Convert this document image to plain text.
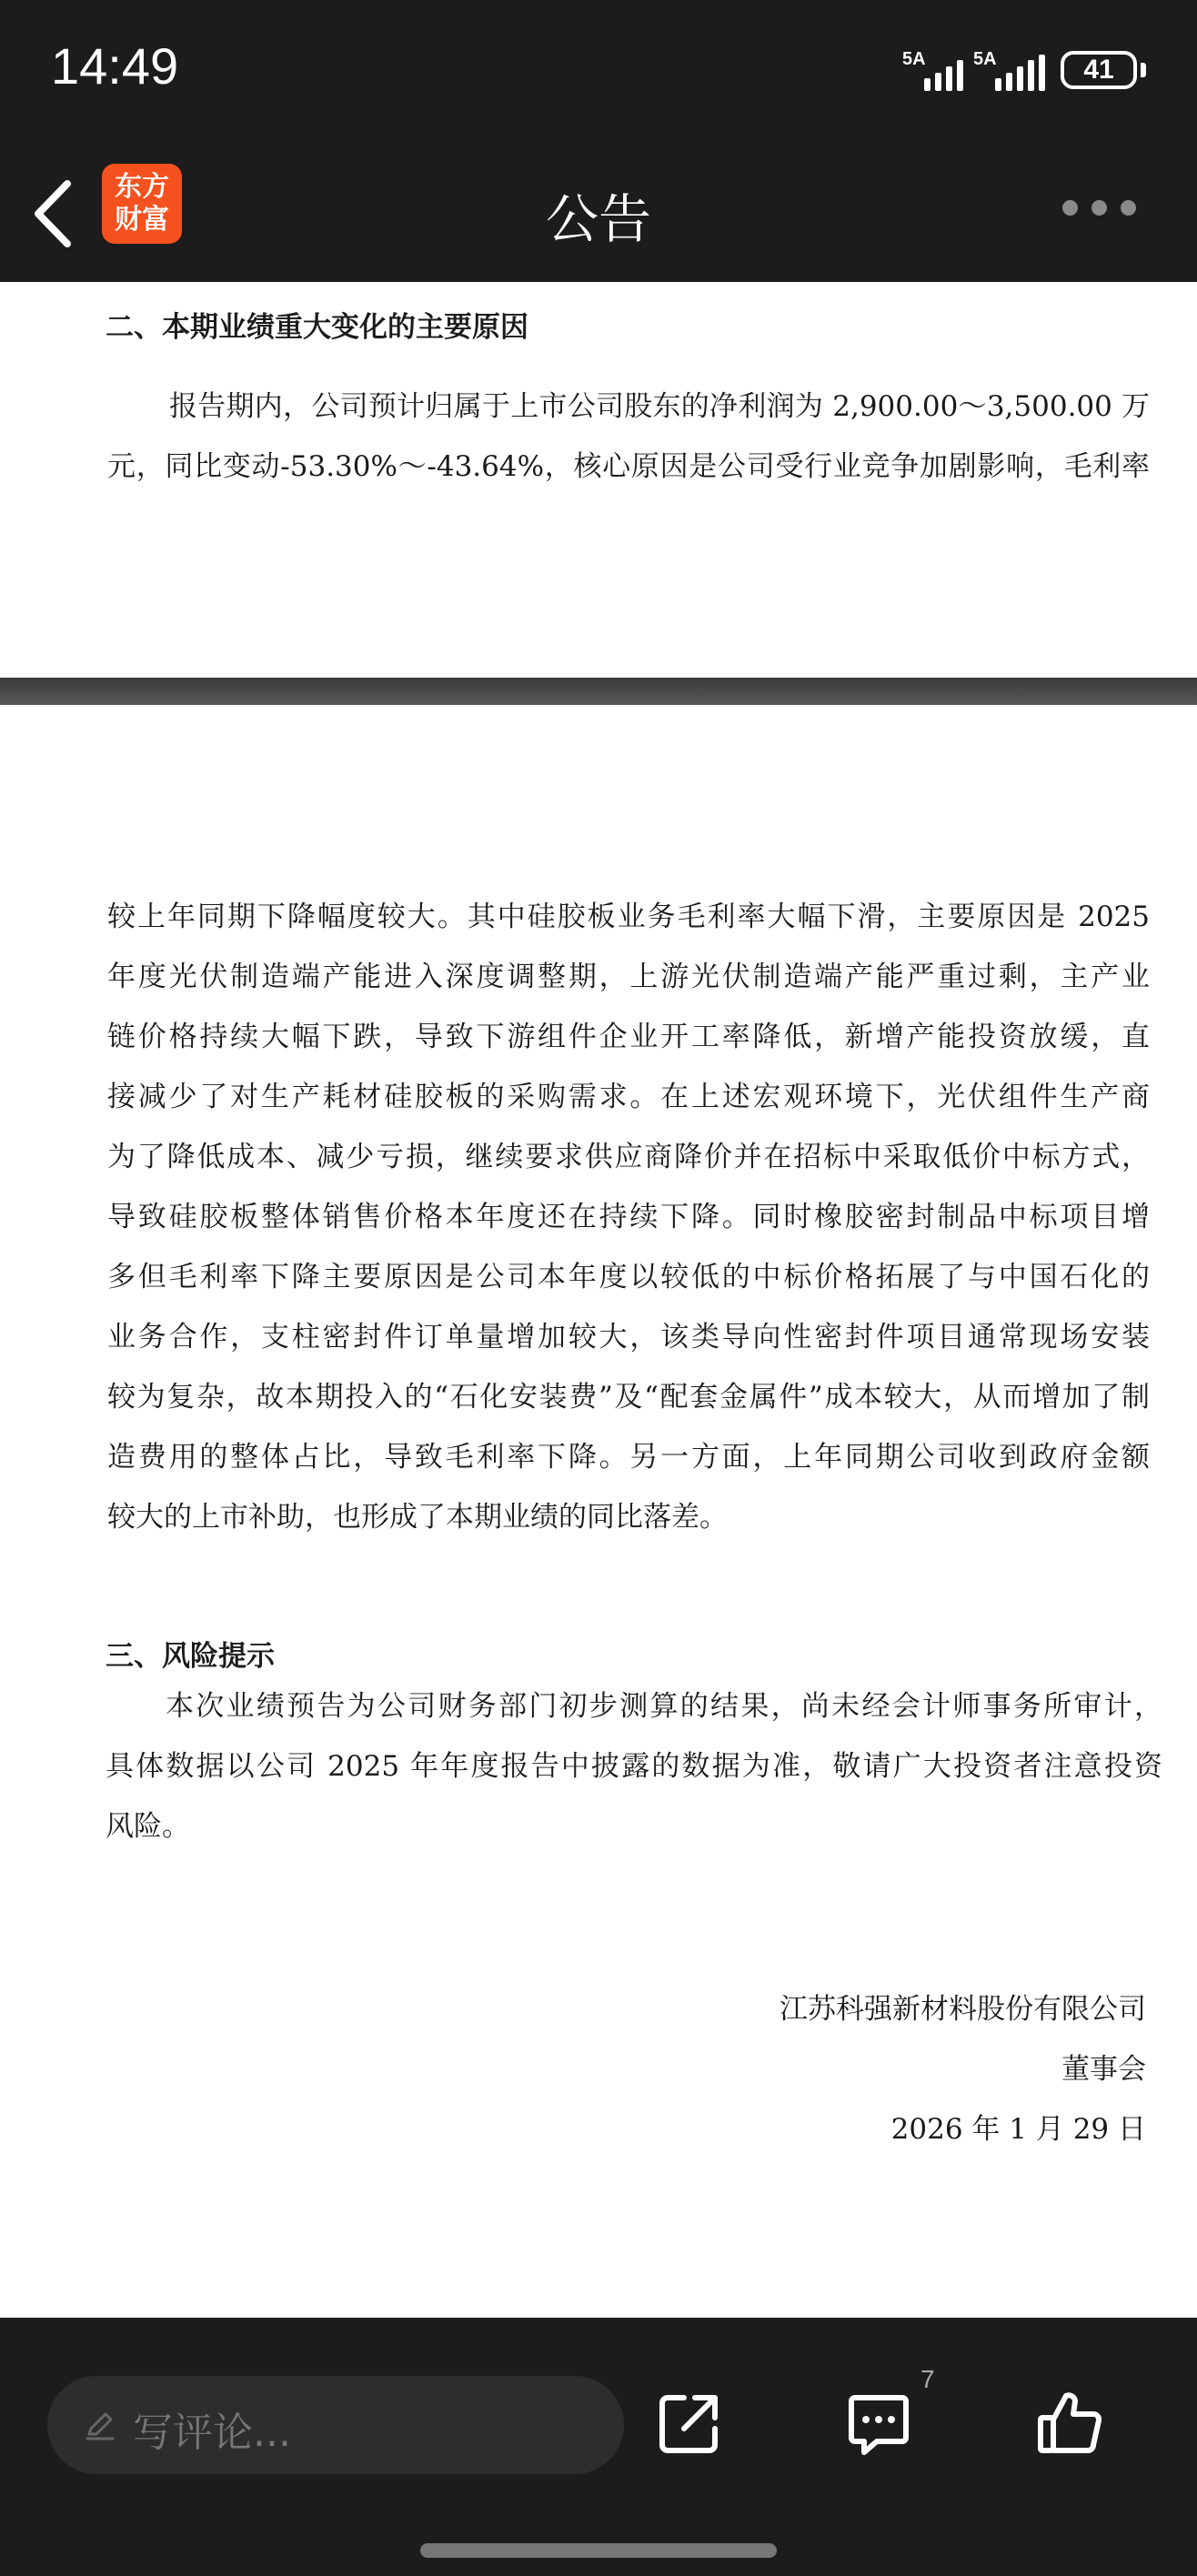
14:49	5A	5A	41
东方
财富	公告
二、本期业绩重大变化的主要原因
报告期内，公司预计归属于上市公司股东的净利润为 2,900.00～3,500.00 万
元，同比变动-53.30%～-43.64%，核心原因是公司受行业竞争加剧影响，毛利率
较上年同期下降幅度较大。其中硅胶板业务毛利率大幅下滑，主要原因是 2025
年度光伏制造端产能进入深度调整期，上游光伏制造端产能严重过剩，主产业
链价格持续大幅下跌，导致下游组件企业开工率降低，新增产能投资放缓，直
接减少了对生产耗材硅胶板的采购需求。在上述宏观环境下，光伏组件生产商
为了降低成本、减少亏损，继续要求供应商降价并在招标中采取低价中标方式，
导致硅胶板整体销售价格本年度还在持续下降。同时橡胶密封制品中标项目增
多但毛利率下降主要原因是公司本年度以较低的中标价格拓展了与中国石化的
业务合作，支柱密封件订单量增加较大，该类导向性密封件项目通常现场安装
较为复杂，故本期投入的“石化安装费”及“配套金属件”成本较大，从而增加了制
造费用的整体占比，导致毛利率下降。另一方面，上年同期公司收到政府金额
较大的上市补助，也形成了本期业绩的同比落差。
三、风险提示
本次业绩预告为公司财务部门初步测算的结果，尚未经会计师事务所审计，
具体数据以公司 2025 年年度报告中披露的数据为准，敬请广大投资者注意投资
风险。
江苏科强新材料股份有限公司
董事会
2026 年 1 月 29 日
写评论...
7
